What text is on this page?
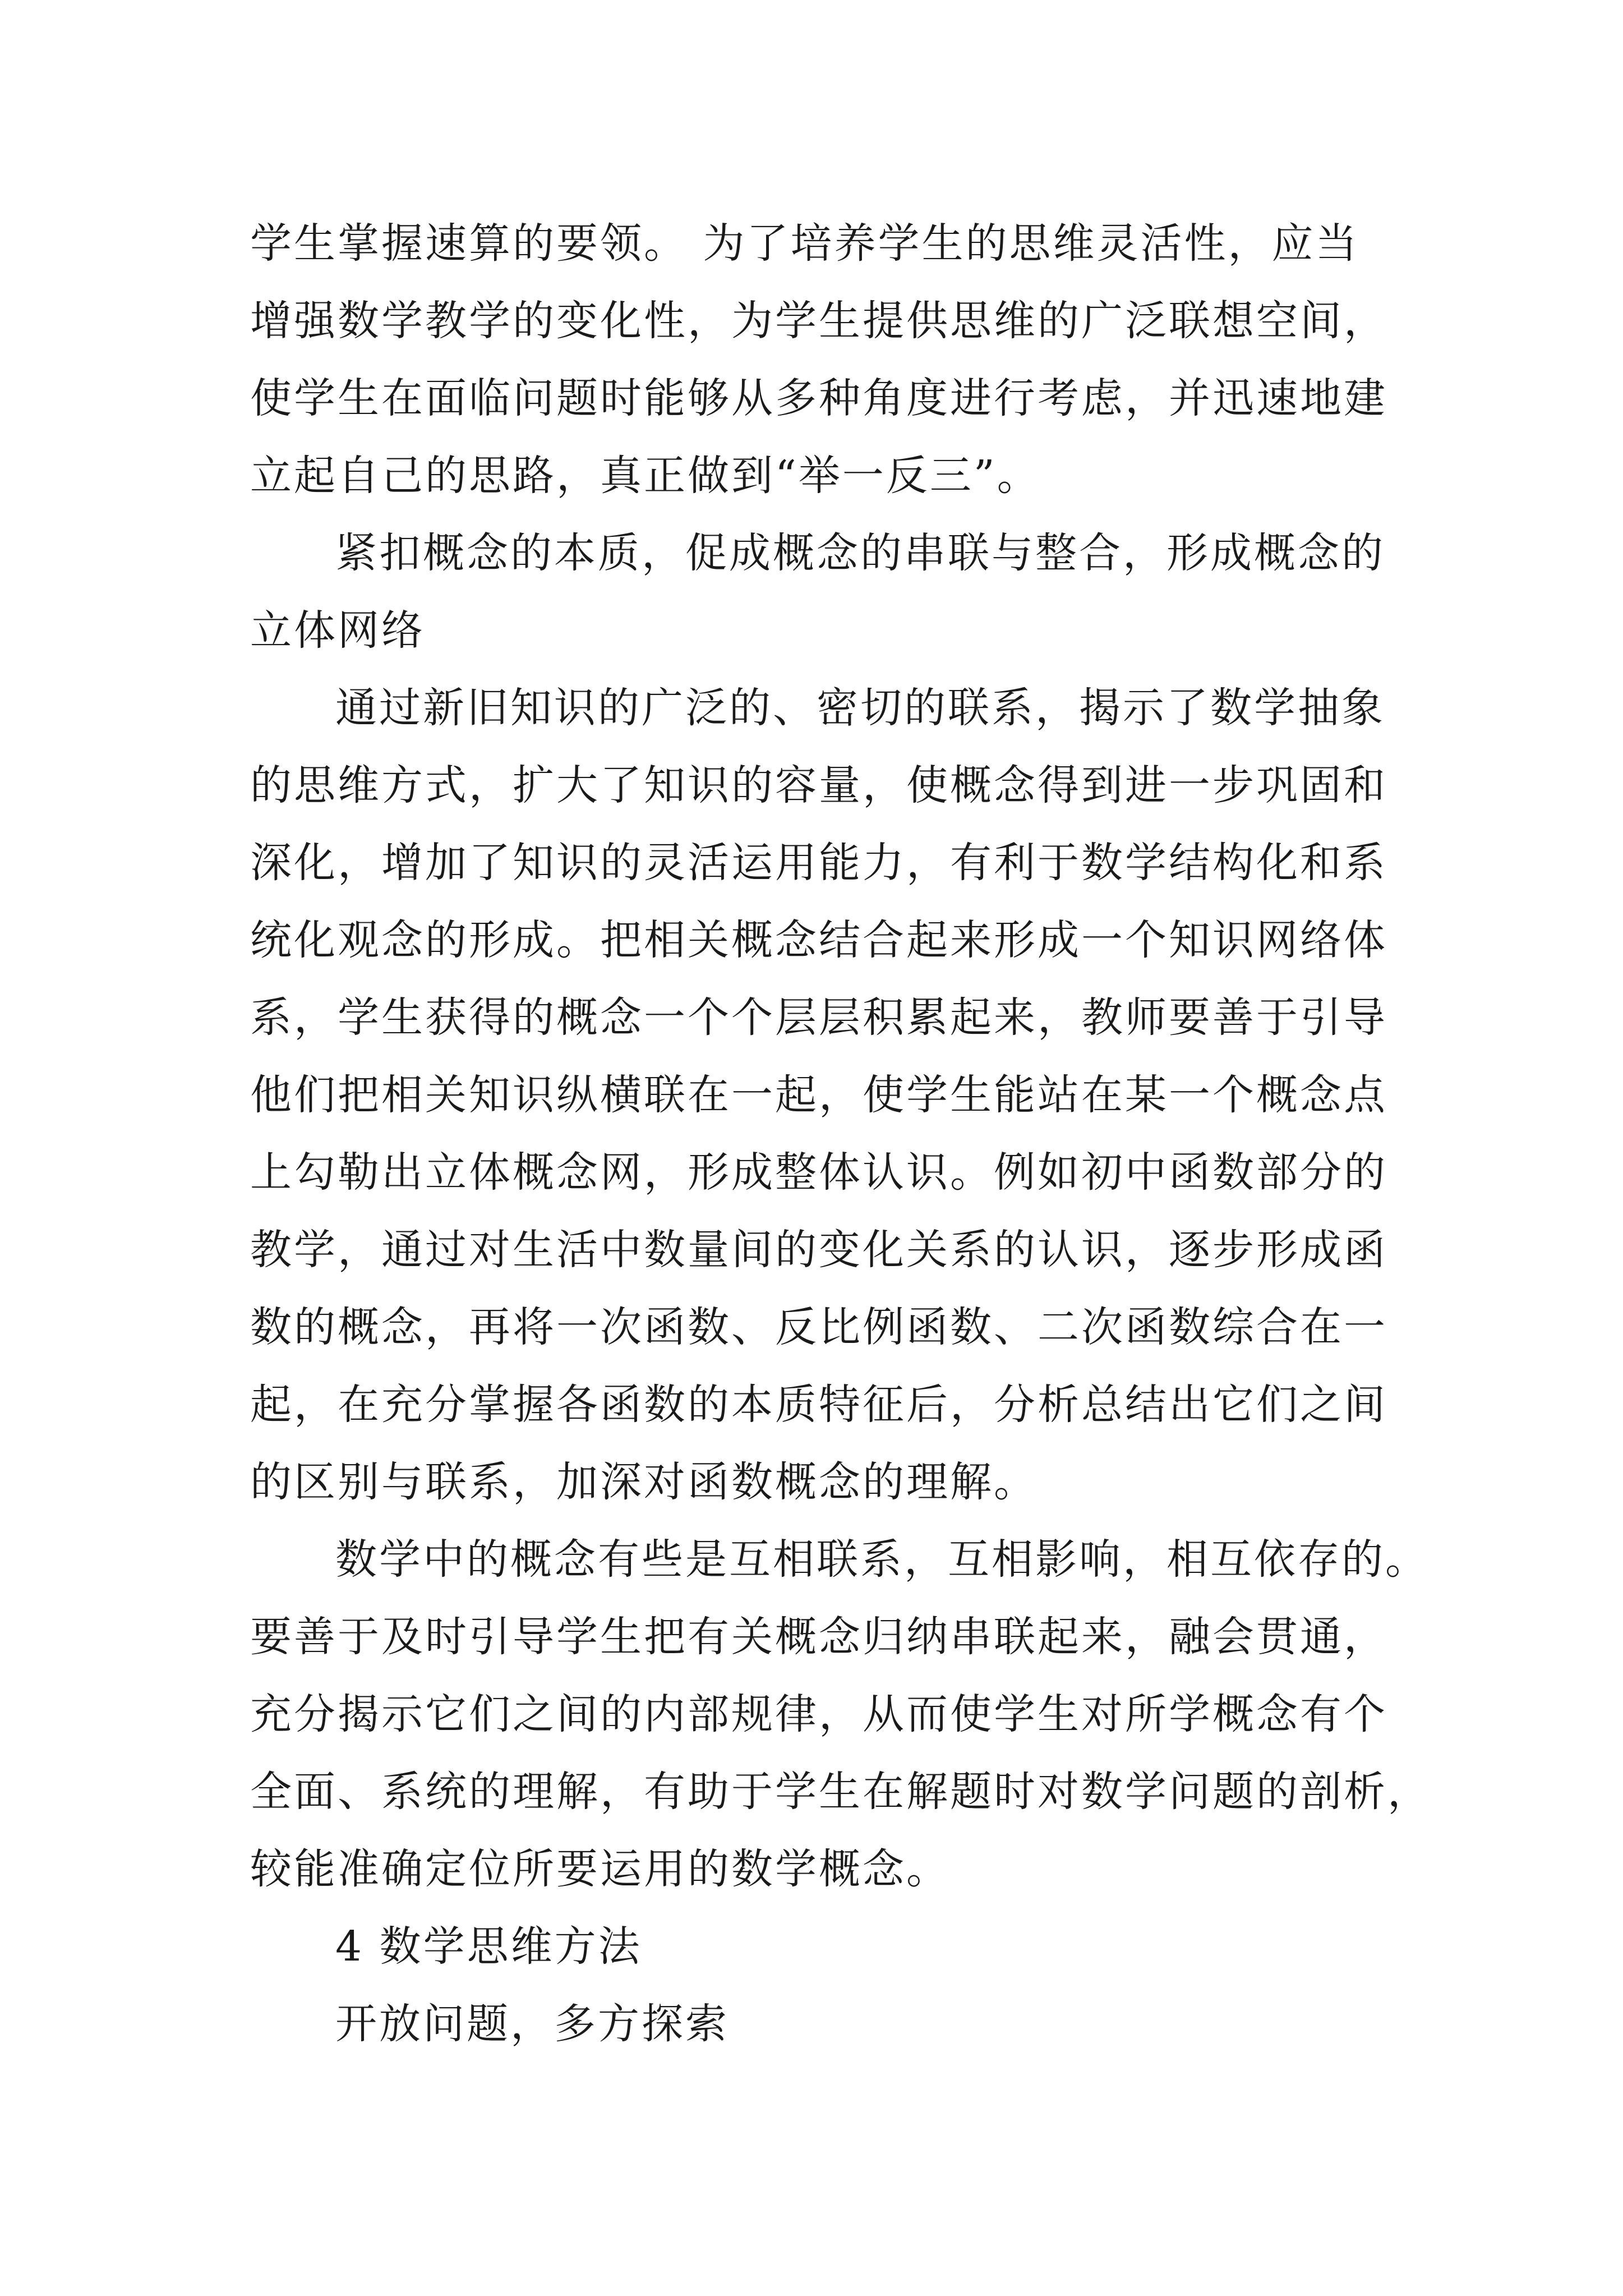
学生掌握速算的要领。 为了培养学生的思维灵活性，应当
增强数学教学的变化性，为学生提供思维的广泛联想空间，
使学生在面临问题时能够从多种角度进行考虑，并迅速地建
立起自己的思路，真正做到“举一反三”。
紧扣概念的本质，促成概念的串联与整合，形成概念的
立体网络
通过新旧知识的广泛的、密切的联系，揭示了数学抽象
的思维方式，扩大了知识的容量，使概念得到进一步巩固和
深化，增加了知识的灵活运用能力，有利于数学结构化和系
统化观念的形成。把相关概念结合起来形成一个知识网络体
系，学生获得的概念一个个层层积累起来，教师要善于引导
他们把相关知识纵横联在一起，使学生能站在某一个概念点
上勾勒出立体概念网，形成整体认识。例如初中函数部分的
教学，通过对生活中数量间的变化关系的认识，逐步形成函
数的概念，再将一次函数、反比例函数、二次函数综合在一
起，在充分掌握各函数的本质特征后，分析总结出它们之间
的区别与联系，加深对函数概念的理解。
数学中的概念有些是互相联系，互相影响，相互依存的。
要善于及时引导学生把有关概念归纳串联起来，融会贯通，
充分揭示它们之间的内部规律，从而使学生对所学概念有个
全面、系统的理解，有助于学生在解题时对数学问题的剖析，
较能准确定位所要运用的数学概念。
4 数学思维方法
开放问题，多方探索
